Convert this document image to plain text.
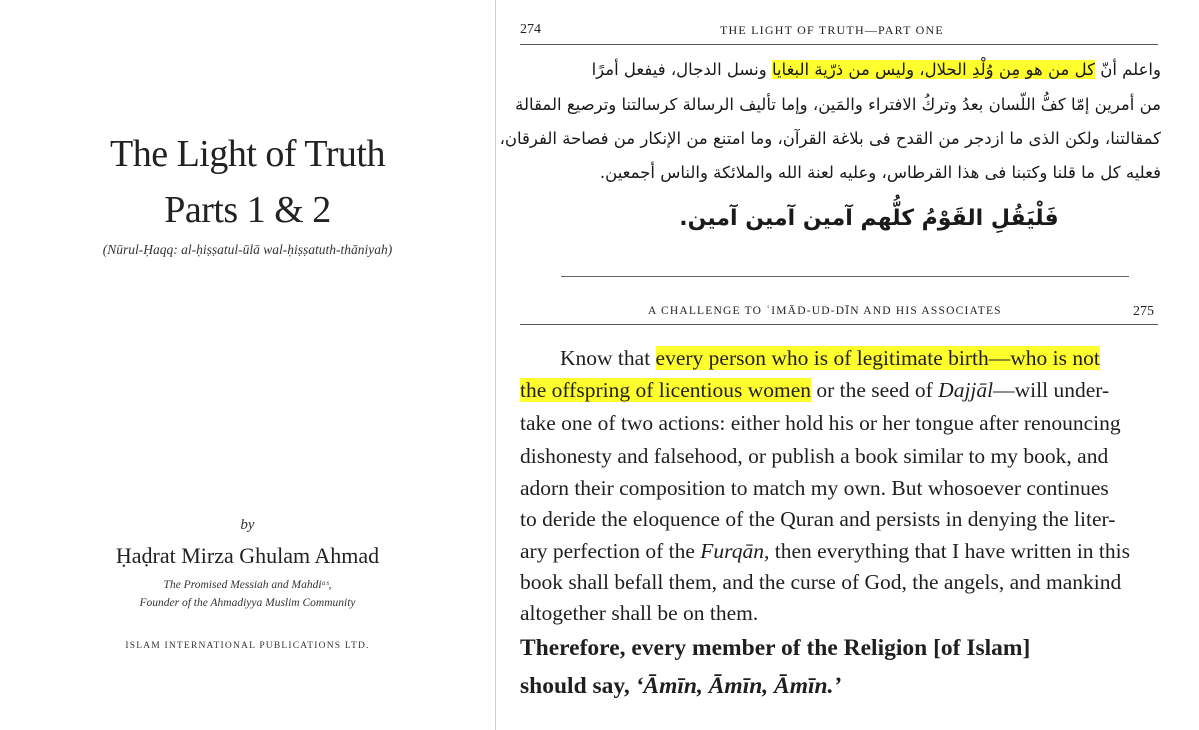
The Light of Truth
Parts 1 & 2
(Nūrul-Ḥaqq: al-ḥiṣṣatul-ūlā wal-ḥiṣṣatuth-thāniyah)
by
Ḥaḍrat Mirza Ghulam Ahmad
The Promised Messiah and Mahdiᵃˢ,
Founder of the Ahmadiyya Muslim Community
ISLAM INTERNATIONAL PUBLICATIONS LTD.
274	THE LIGHT OF TRUTH—PART ONE
واعلم أنّ كل من هو مِن وُلْدِ الحلال، وليس من ذرّية البغايا ونسل الدجال، فيفعل أمرًا
من أمرين إمّا كفُّ اللّسان بعدُ وتركُ الافتراء والمَين، وإما تأليف الرسالة كرسالتنا وترصيع المقالة
كمقالتنا، ولكن الذى ما ازدجر من القدح فى بلاغة القرآن، وما امتنع من الإنكار من فصاحة الفرقان،
فعليه كل ما قلنا وكتبنا فى هذا القرطاس، وعليه لعنة الله والملائكة والناس أجمعين.
فَلْيَقُلِ القَوْمُ كلُّهم آمين آمين آمين.
A CHALLENGE TO ʿIMĀD-UD-DĪN AND HIS ASSOCIATES	275
Know that every person who is of legitimate birth—who is not
the offspring of licentious women or the seed of Dajjāl—will under-
take one of two actions: either hold his or her tongue after renouncing
dishonesty and falsehood, or publish a book similar to my book, and
adorn their composition to match my own. But whosoever continues
to deride the eloquence of the Quran and persists in denying the liter-
ary perfection of the Furqān, then everything that I have written in this
book shall befall them, and the curse of God, the angels, and mankind
altogether shall be on them.
Therefore, every member of the Religion [of Islam]
should say, ‘Āmīn, Āmīn, Āmīn.’
